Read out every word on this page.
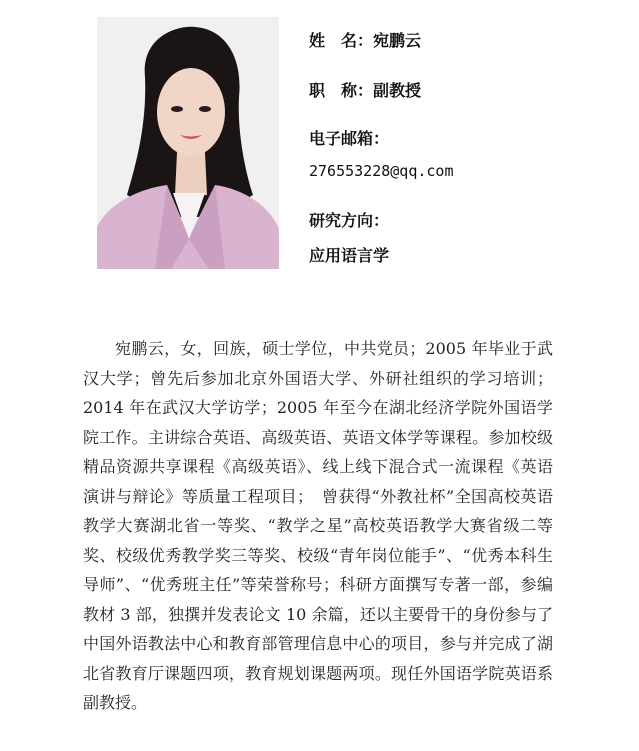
姓　名：宛鹏云
职　称：副教授
电子邮箱：
276553228@qq.com
研究方向：
应用语言学

宛鹏云，女，回族，硕士学位，中共党员；2005 年毕业于武汉大学；曾先后参加北京外国语大学、外研社组织的学习培训；2014 年在武汉大学访学；2005 年至今在湖北经济学院外国语学院工作。主讲综合英语、高级英语、英语文体学等课程。参加校级精品资源共享课程《高级英语》、线上线下混合式一流课程《英语演讲与辩论》等质量工程项目；　曾获得“外教社杯”全国高校英语教学大赛湖北省一等奖、“教学之星”高校英语教学大赛省级二等奖、校级优秀教学奖三等奖、校级“青年岗位能手”、“优秀本科生导师”、“优秀班主任”等荣誉称号；科研方面撰写专著一部，参编教材 3 部，独撰并发表论文 10 余篇，还以主要骨干的身份参与了中国外语教法中心和教育部管理信息中心的项目，参与并完成了湖北省教育厅课题四项，教育规划课题两项。现任外国语学院英语系副教授。
